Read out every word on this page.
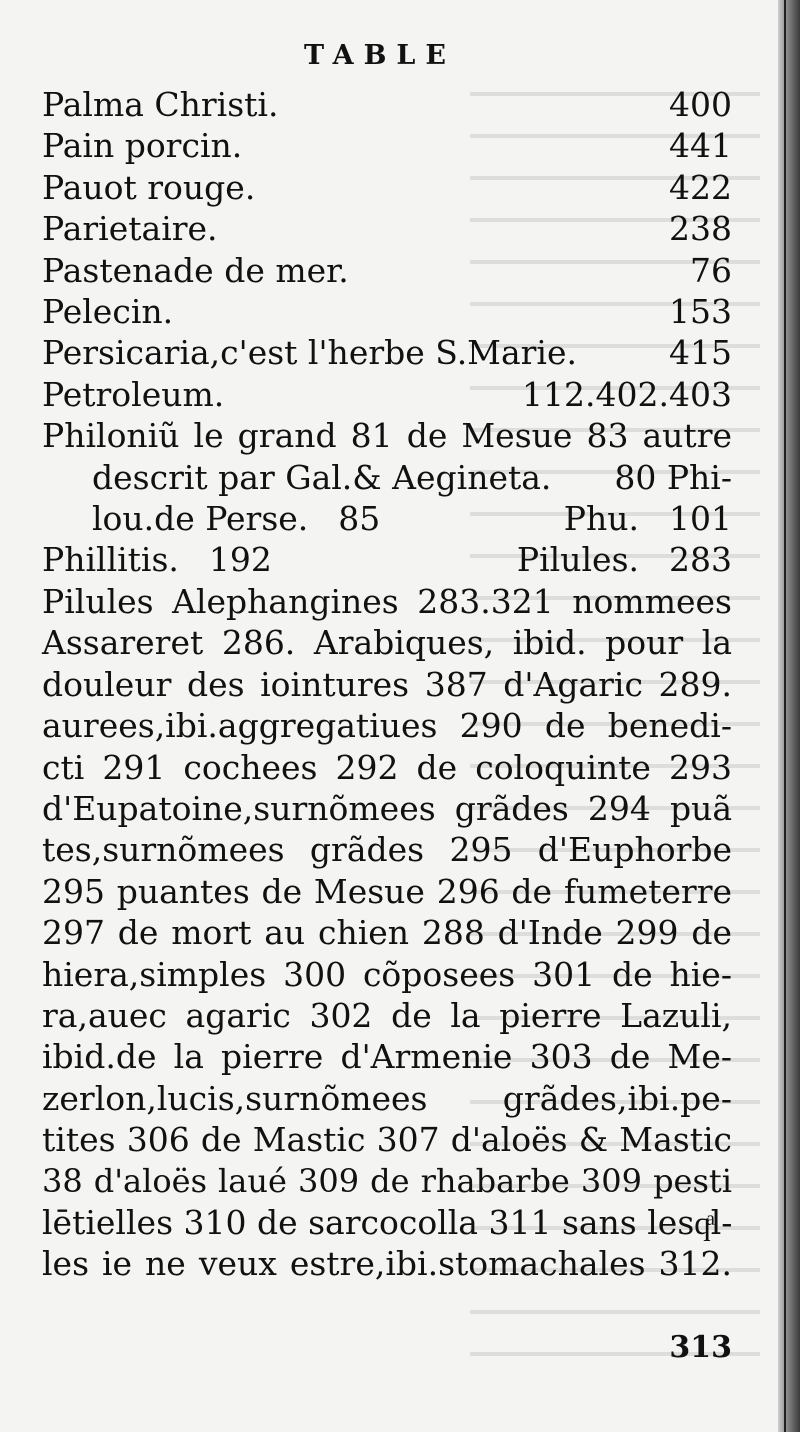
TABLE
Palma Christi.	400
Pain porcin.	441
Pauot rouge.	422
Parietaire.	238
Pastenade de mer.	76
Pelecin.	153
Persicaria,c'est l'herbe S.Marie.	415
Petroleum.	112.402.403
Philoniũ le grand 81 de Mesue 83 autre
descrit par Gal.& Aegineta. 80 Phi-
lou.de Perse. 85	Phu. 101
Phillitis. 192	Pilules. 283
Pilules Alephangines 283.321 nommees
Assareret 286. Arabiques, ibid. pour la
douleur des iointures 387 d'Agaric 289.
aurees,ibi.aggregatiues 290 de benedi-
cti 291 cochees 292 de coloquinte 293
d'Eupatoine,surnõmees grãdes 294 puã
tes,surnõmees grãdes 295 d'Euphorbe
295 puantes de Mesue 296 de fumeterre
297 de mort au chien 288 d'Inde 299 de
hiera,simples 300 cõposees 301 de hie-
ra,auec agaric 302 de la pierre Lazuli,
ibid.de la pierre d'Armenie 303 de Me-
zerlon,lucis,surnõmees grãdes,ibi.pe-
tites 306 de Mastic 307 d'aloës & Mastic
38 d'aloës laué 309 de rhabarbe 309 pesti
lētielles 310 de sarcocolla 311 sans lesqͣl-
les ie ne veux estre,ibi.stomachales 312.
313
